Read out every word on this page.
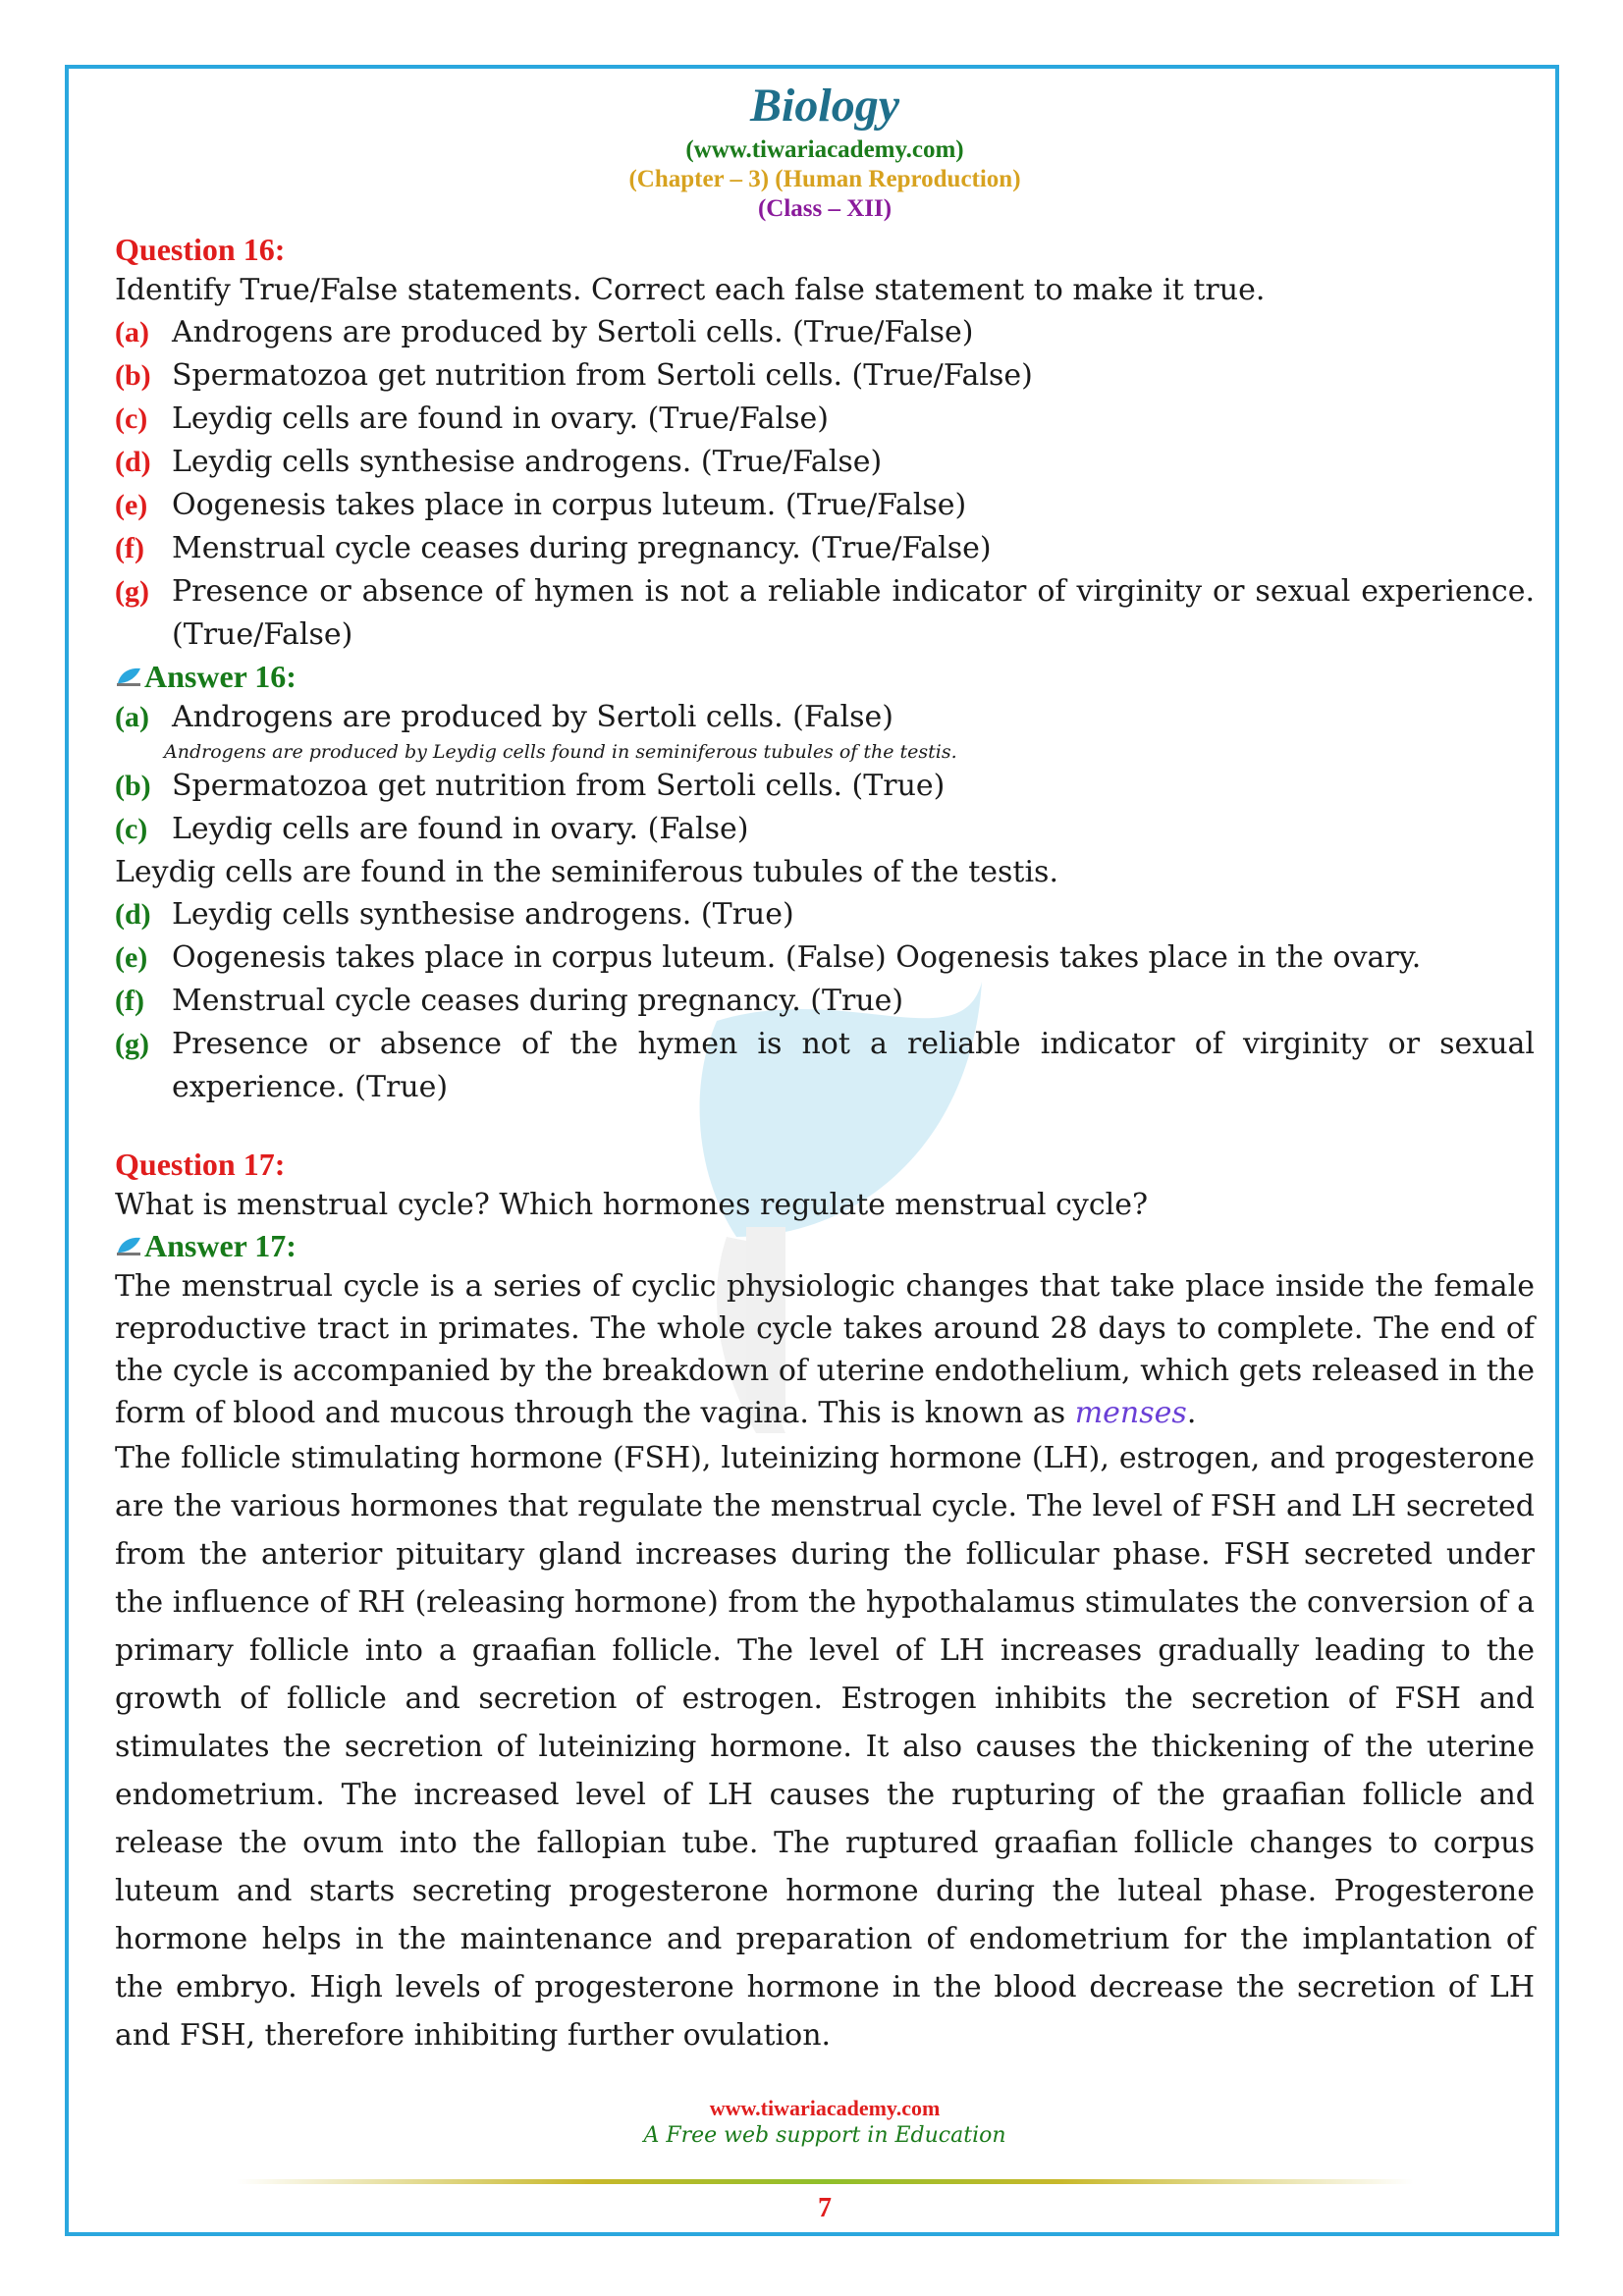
Biology
(www.tiwariacademy.com)
(Chapter – 3) (Human Reproduction)
(Class – XII)
Question 16:
Identify True/False statements. Correct each false statement to make it true.
(a) Androgens are produced by Sertoli cells. (True/False)
(b) Spermatozoa get nutrition from Sertoli cells. (True/False)
(c) Leydig cells are found in ovary. (True/False)
(d) Leydig cells synthesise androgens. (True/False)
(e) Oogenesis takes place in corpus luteum. (True/False)
(f) Menstrual cycle ceases during pregnancy. (True/False)
(g) Presence or absence of hymen is not a reliable indicator of virginity or sexual experience. (True/False)
Answer 16:
(a) Androgens are produced by Sertoli cells. (False)
Androgens are produced by Leydig cells found in seminiferous tubules of the testis.
(b) Spermatozoa get nutrition from Sertoli cells. (True)
(c) Leydig cells are found in ovary. (False)
Leydig cells are found in the seminiferous tubules of the testis.
(d) Leydig cells synthesise androgens. (True)
(e) Oogenesis takes place in corpus luteum. (False) Oogenesis takes place in the ovary.
(f) Menstrual cycle ceases during pregnancy. (True)
(g) Presence or absence of the hymen is not a reliable indicator of virginity or sexual experience. (True)
Question 17:
What is menstrual cycle? Which hormones regulate menstrual cycle?
Answer 17:
The menstrual cycle is a series of cyclic physiologic changes that take place inside the female reproductive tract in primates. The whole cycle takes around 28 days to complete. The end of the cycle is accompanied by the breakdown of uterine endothelium, which gets released in the form of blood and mucous through the vagina. This is known as menses.
The follicle stimulating hormone (FSH), luteinizing hormone (LH), estrogen, and progesterone are the various hormones that regulate the menstrual cycle. The level of FSH and LH secreted from the anterior pituitary gland increases during the follicular phase. FSH secreted under the influence of RH (releasing hormone) from the hypothalamus stimulates the conversion of a primary follicle into a graafian follicle. The level of LH increases gradually leading to the growth of follicle and secretion of estrogen. Estrogen inhibits the secretion of FSH and stimulates the secretion of luteinizing hormone. It also causes the thickening of the uterine endometrium. The increased level of LH causes the rupturing of the graafian follicle and release the ovum into the fallopian tube. The ruptured graafian follicle changes to corpus luteum and starts secreting progesterone hormone during the luteal phase. Progesterone hormone helps in the maintenance and preparation of endometrium for the implantation of the embryo. High levels of progesterone hormone in the blood decrease the secretion of LH and FSH, therefore inhibiting further ovulation.
www.tiwariacademy.com
A Free web support in Education
7
